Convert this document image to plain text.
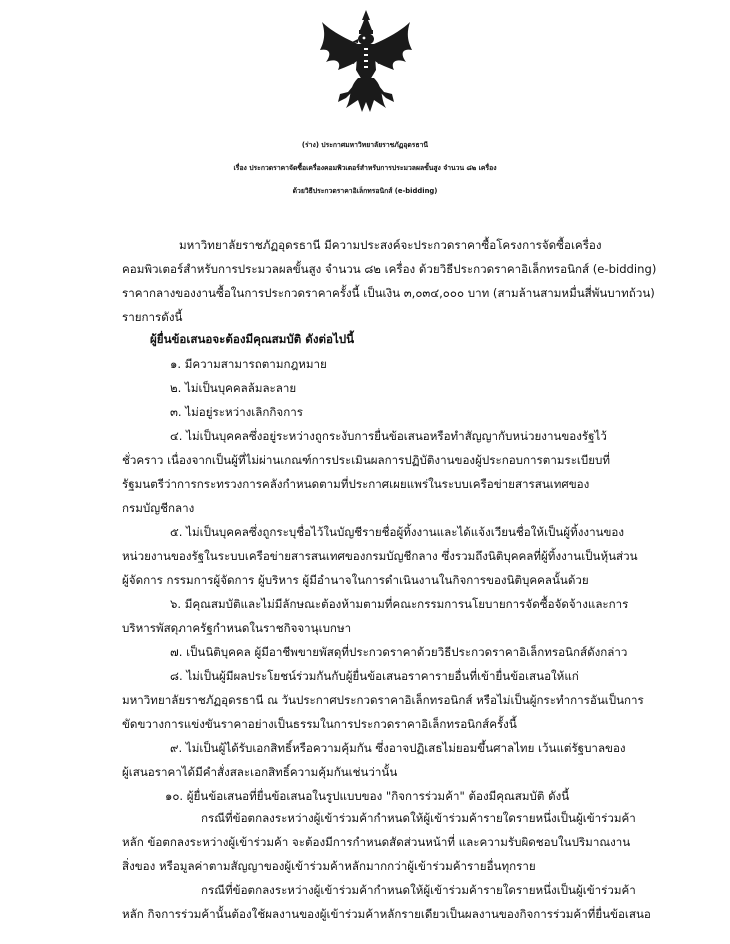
(ร่าง) ประกาศมหาวิทยาลัยราชภัฏอุดรธานี
เรื่อง ประกวดราคาจัดซื้อเครื่องคอมพิวเตอร์สำหรับการประมวลผลขั้นสูง จำนวน ๘๒ เครื่อง
ด้วยวิธีประกวดราคาอิเล็กทรอนิกส์ (e-bidding)
มหาวิทยาลัยราชภัฏอุดรธานี มีความประสงค์จะประกวดราคาซื้อโครงการจัดซื้อเครื่อง
คอมพิวเตอร์สำหรับการประมวลผลขั้นสูง จำนวน ๘๒ เครื่อง ด้วยวิธีประกวดราคาอิเล็กทรอนิกส์ (e-bidding)
ราคากลางของงานซื้อในการประกวดราคาครั้งนี้ เป็นเงิน ๓,๐๓๔,๐๐๐ บาท (สามล้านสามหมื่นสี่พันบาทถ้วน)
รายการดังนี้
ผู้ยื่นข้อเสนอจะต้องมีคุณสมบัติ ดังต่อไปนี้
๑. มีความสามารถตามกฎหมาย
๒. ไม่เป็นบุคคลล้มละลาย
๓. ไม่อยู่ระหว่างเลิกกิจการ
๔. ไม่เป็นบุคคลซึ่งอยู่ระหว่างถูกระงับการยื่นข้อเสนอหรือทำสัญญากับหน่วยงานของรัฐไว้
ชั่วคราว เนื่องจากเป็นผู้ที่ไม่ผ่านเกณฑ์การประเมินผลการปฏิบัติงานของผู้ประกอบการตามระเบียบที่
รัฐมนตรีว่าการกระทรวงการคลังกำหนดตามที่ประกาศเผยแพร่ในระบบเครือข่ายสารสนเทศของ
กรมบัญชีกลาง
๕. ไม่เป็นบุคคลซึ่งถูกระบุชื่อไว้ในบัญชีรายชื่อผู้ทิ้งงานและได้แจ้งเวียนชื่อให้เป็นผู้ทิ้งงานของ
หน่วยงานของรัฐในระบบเครือข่ายสารสนเทศของกรมบัญชีกลาง ซึ่งรวมถึงนิติบุคคลที่ผู้ทิ้งงานเป็นหุ้นส่วน
ผู้จัดการ กรรมการผู้จัดการ ผู้บริหาร ผู้มีอำนาจในการดำเนินงานในกิจการของนิติบุคคลนั้นด้วย
๖. มีคุณสมบัติและไม่มีลักษณะต้องห้ามตามที่คณะกรรมการนโยบายการจัดซื้อจัดจ้างและการ
บริหารพัสดุภาครัฐกำหนดในราชกิจจานุเบกษา
๗. เป็นนิติบุคคล ผู้มีอาชีพขายพัสดุที่ประกวดราคาด้วยวิธีประกวดราคาอิเล็กทรอนิกส์ดังกล่าว
๘. ไม่เป็นผู้มีผลประโยชน์ร่วมกันกับผู้ยื่นข้อเสนอราคารายอื่นที่เข้ายื่นข้อเสนอให้แก่
มหาวิทยาลัยราชภัฏอุดรธานี ณ วันประกาศประกวดราคาอิเล็กทรอนิกส์ หรือไม่เป็นผู้กระทำการอันเป็นการ
ขัดขวางการแข่งขันราคาอย่างเป็นธรรมในการประกวดราคาอิเล็กทรอนิกส์ครั้งนี้
๙. ไม่เป็นผู้ได้รับเอกสิทธิ์หรือความคุ้มกัน ซึ่งอาจปฏิเสธไม่ยอมขึ้นศาลไทย เว้นแต่รัฐบาลของ
ผู้เสนอราคาได้มีคำสั่งสละเอกสิทธิ์ความคุ้มกันเช่นว่านั้น
๑๐. ผู้ยื่นข้อเสนอที่ยื่นข้อเสนอในรูปแบบของ "กิจการร่วมค้า" ต้องมีคุณสมบัติ ดังนี้
กรณีที่ข้อตกลงระหว่างผู้เข้าร่วมค้ากำหนดให้ผู้เข้าร่วมค้ารายใดรายหนึ่งเป็นผู้เข้าร่วมค้า
หลัก ข้อตกลงระหว่างผู้เข้าร่วมค้า จะต้องมีการกำหนดสัดส่วนหน้าที่ และความรับผิดชอบในปริมาณงาน
สิ่งของ หรือมูลค่าตามสัญญาของผู้เข้าร่วมค้าหลักมากกว่าผู้เข้าร่วมค้ารายอื่นทุกราย
กรณีที่ข้อตกลงระหว่างผู้เข้าร่วมค้ากำหนดให้ผู้เข้าร่วมค้ารายใดรายหนึ่งเป็นผู้เข้าร่วมค้า
หลัก กิจการร่วมค้านั้นต้องใช้ผลงานของผู้เข้าร่วมค้าหลักรายเดียวเป็นผลงานของกิจการร่วมค้าที่ยื่นข้อเสนอ
